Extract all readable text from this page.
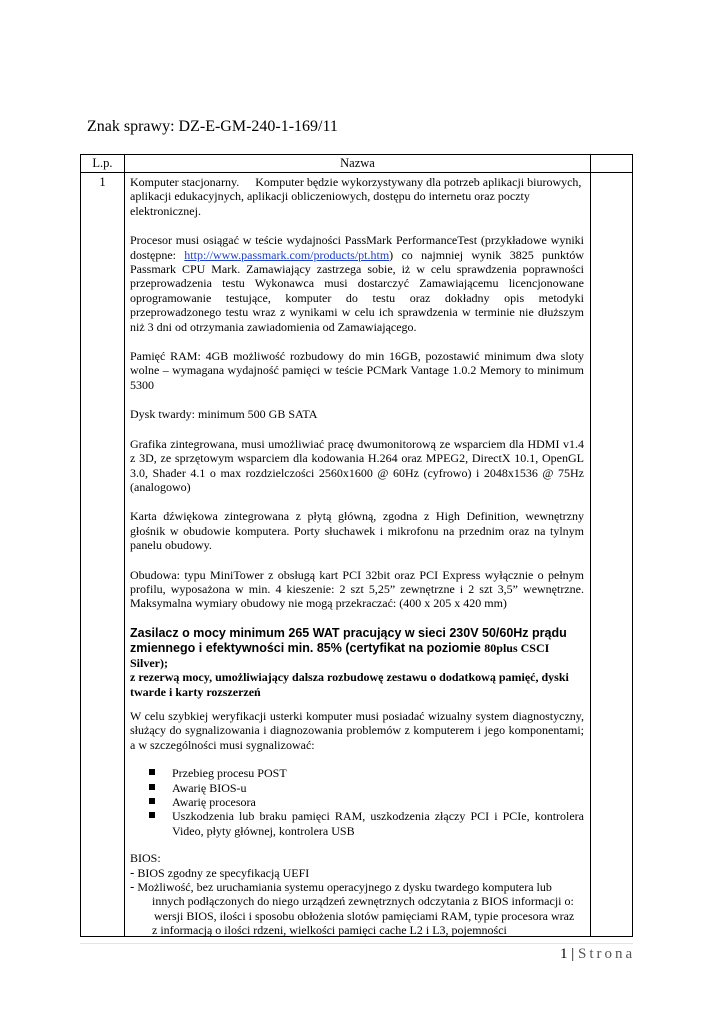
Znak sprawy: DZ-E-GM-240-1-169/11
L.p.	Nazwa
1	Komputer stacjonarny. Komputer będzie wykorzystywany dla potrzeb aplikacji biurowych, aplikacji edukacyjnych, aplikacji obliczeniowych, dostępu do internetu oraz poczty elektronicznej.

Procesor musi osiągać w teście wydajności PassMark PerformanceTest (przykładowe wyniki dostępne: http://www.passmark.com/products/pt.htm) co najmniej wynik 3825 punktów Passmark CPU Mark. Zamawiający zastrzega sobie, iż w celu sprawdzenia poprawności przeprowadzenia testu Wykonawca musi dostarczyć Zamawiającemu licencjonowane oprogramowanie testujące, komputer do testu oraz dokładny opis metodyki przeprowadzonego testu wraz z wynikami w celu ich sprawdzenia w terminie nie dłuższym niż 3 dni od otrzymania zawiadomienia od Zamawiającego.

Pamięć RAM: 4GB możliwość rozbudowy do min 16GB, pozostawić minimum dwa sloty wolne – wymagana wydajność pamięci w teście PCMark Vantage 1.0.2 Memory to minimum 5300

Dysk twardy: minimum 500 GB SATA

Grafika zintegrowana, musi umożliwiać pracę dwumonitorową ze wsparciem dla HDMI v1.4 z 3D, ze sprzętowym wsparciem dla kodowania H.264 oraz MPEG2, DirectX 10.1, OpenGL 3.0, Shader 4.1 o max rozdzielczości 2560x1600 @ 60Hz (cyfrowo) i 2048x1536 @ 75Hz (analogowo)

Karta dźwiękowa zintegrowana z płytą główną, zgodna z High Definition, wewnętrzny głośnik w obudowie komputera. Porty słuchawek i mikrofonu na przednim oraz na tylnym panelu obudowy.

Obudowa: typu MiniTower z obsługą kart PCI 32bit oraz PCI Express wyłącznie o pełnym profilu, wyposażona w min. 4 kieszenie: 2 szt 5,25” zewnętrzne i 2 szt 3,5” wewnętrzne. Maksymalna wymiary obudowy nie mogą przekraczać: (400 x 205 x 420 mm)

Zasilacz o mocy minimum 265 WAT pracujący w sieci 230V 50/60Hz prądu zmiennego i efektywności min. 85% (certyfikat na poziomie 80plus CSCI Silver);
z rezerwą mocy, umożliwiający dalsza rozbudowę zestawu o dodatkową pamięć, dyski twarde i karty rozszerzeń

W celu szybkiej weryfikacji usterki komputer musi posiadać wizualny system diagnostyczny, służący do sygnalizowania i diagnozowania problemów z komputerem i jego komponentami; a w szczególności musi sygnalizować:

Przebieg procesu POST
Awarię BIOS-u
Awarię procesora
Uszkodzenia lub braku pamięci RAM, uszkodzenia złączy PCI i PCIe, kontrolera Video, płyty głównej, kontrolera USB
BIOS:
- BIOS zgodny ze specyfikacją UEFI
- Możliwość, bez uruchamiania systemu operacyjnego z dysku twardego komputera lub
innych podłączonych do niego urządzeń zewnętrznych odczytania z BIOS informacji o:
wersji BIOS, ilości i sposobu obłożenia slotów pamięciami RAM, typie procesora wraz
z informacją o ilości rdzeni, wielkości pamięci cache L2 i L3, pojemności
1 | Strona
